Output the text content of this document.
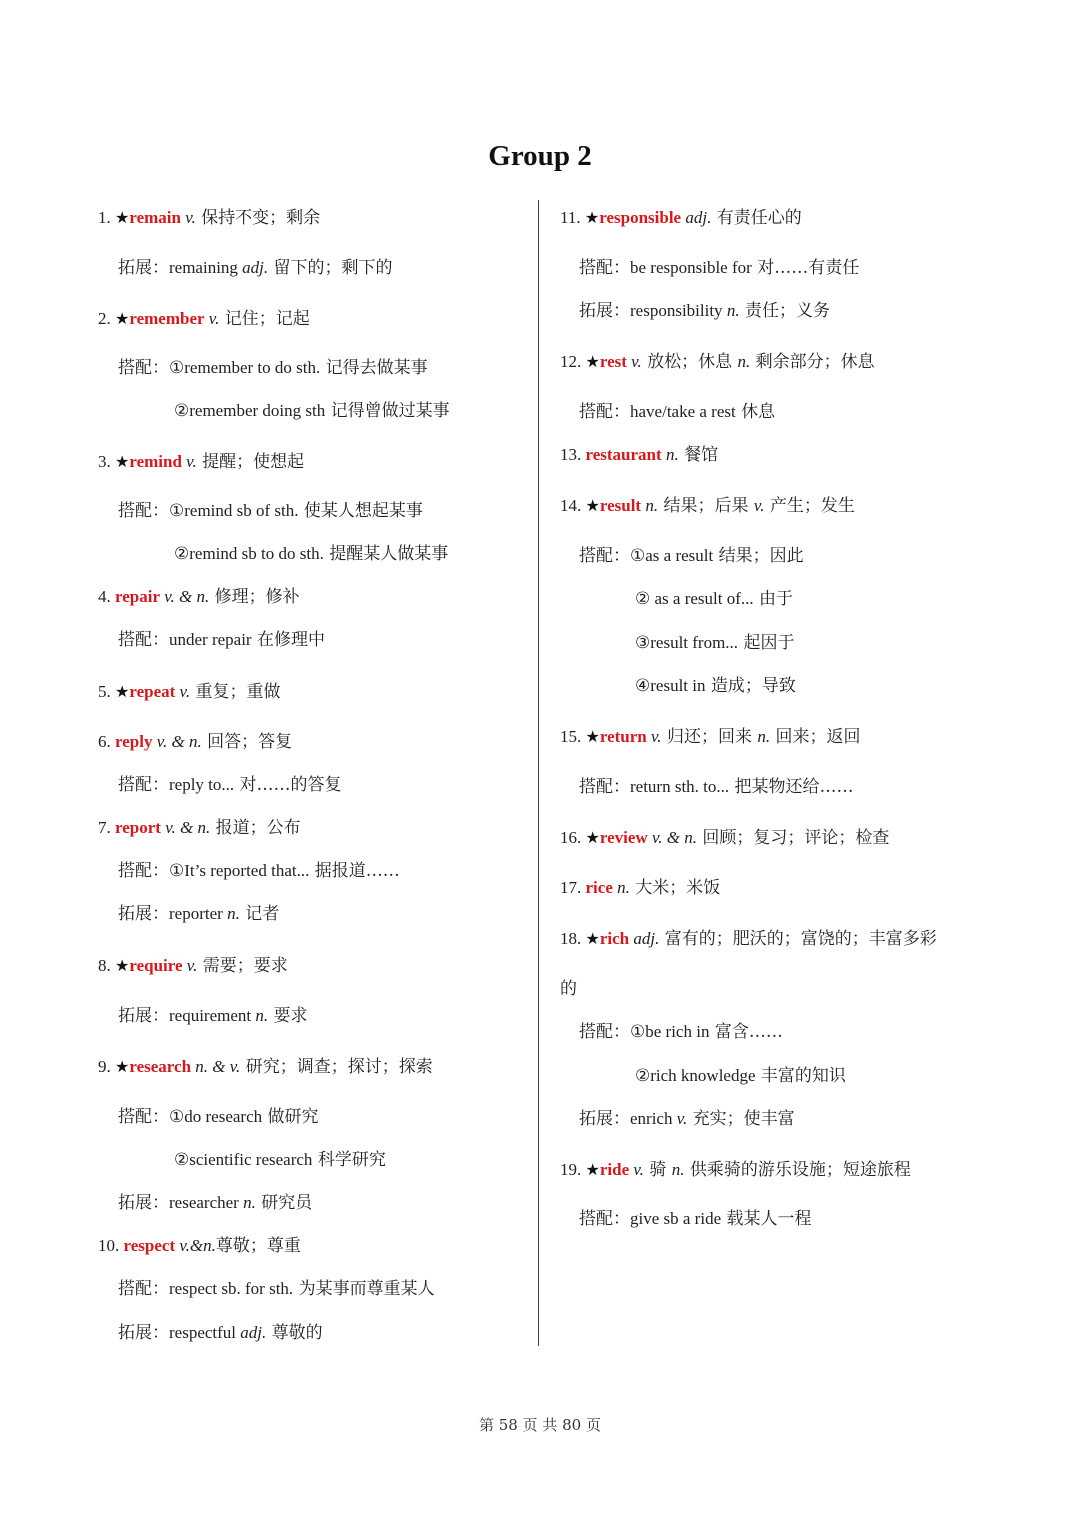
Group 2
1. ★remain v. 保持不变；剩余
拓展：remaining adj. 留下的；剩下的
2. ★remember v. 记住；记起
搭配：①remember to do sth. 记得去做某事
②remember doing sth 记得曾做过某事
3. ★remind v. 提醒；使想起
搭配：①remind sb of sth. 使某人想起某事
②remind sb to do sth. 提醒某人做某事
4. repair v. & n. 修理；修补
搭配：under repair 在修理中
5. ★repeat v. 重复；重做
6. reply v. & n. 回答；答复
搭配：reply to... 对……的答复
7. report v. & n. 报道；公布
搭配：①It’s reported that... 据报道……
拓展：reporter n. 记者
8. ★require v. 需要；要求
拓展：requirement n. 要求
9. ★research n. & v. 研究；调查；探讨；探索
搭配：①do research 做研究
②scientific research 科学研究
拓展：researcher n. 研究员
10. respect v.&n.尊敬；尊重
搭配：respect sb. for sth. 为某事而尊重某人
拓展：respectful adj. 尊敬的
11. ★responsible adj. 有责任心的
搭配：be responsible for 对……有责任
拓展：responsibility n. 责任；义务
12. ★rest v. 放松；休息 n. 剩余部分；休息
搭配：have/take a rest 休息
13. restaurant n. 餐馆
14. ★result n. 结果；后果 v. 产生；发生
搭配：①as a result 结果；因此
② as a result of... 由于
③result from... 起因于
④result in 造成；导致
15. ★return v. 归还；回来 n. 回来；返回
搭配：return sth. to... 把某物还给……
16. ★review v. & n. 回顾；复习；评论；检查
17. rice n. 大米；米饭
18. ★rich adj. 富有的；肥沃的；富饶的；丰富多彩
的
搭配：①be rich in 富含……
②rich knowledge 丰富的知识
拓展：enrich v. 充实；使丰富
19. ★ride v. 骑 n. 供乘骑的游乐设施；短途旅程
搭配：give sb a ride 载某人一程
第 58 页 共 80 页
